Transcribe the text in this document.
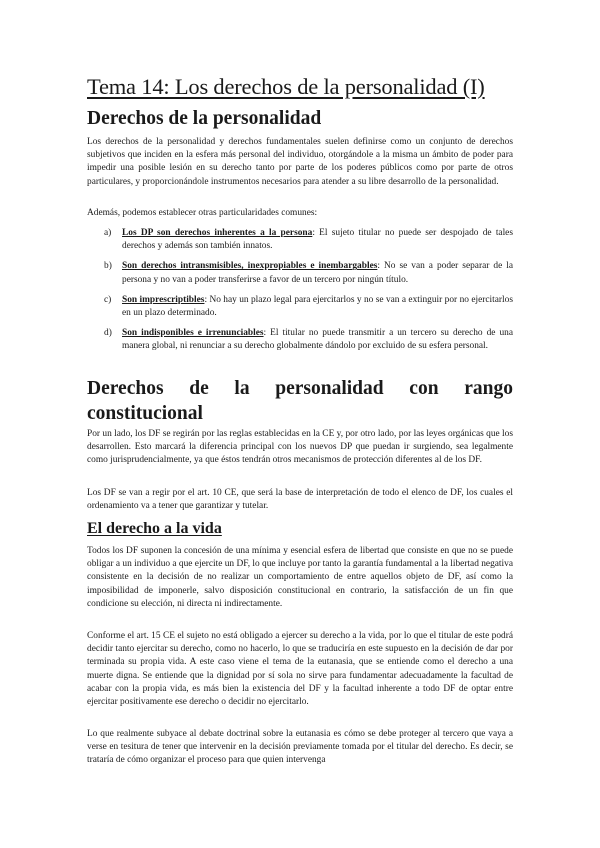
Tema 14: Los derechos de la personalidad (I)
Derechos de la personalidad

Los derechos de la personalidad y derechos fundamentales suelen definirse como un conjunto de derechos subjetivos que inciden en la esfera más personal del individuo, otorgándole a la misma un ámbito de poder para impedir una posible lesión en su derecho tanto por parte de los poderes públicos como por parte de otros particulares, y proporcionándole instrumentos necesarios para atender a su libre desarrollo de la personalidad.

Además, podemos establecer otras particularidades comunes:

a) Los DP son derechos inherentes a la persona: El sujeto titular no puede ser despojado de tales derechos y además son también innatos.
b) Son derechos intransmisibles, inexpropiables e inembargables: No se van a poder separar de la persona y no van a poder transferirse a favor de un tercero por ningún título.
c) Son imprescriptibles: No hay un plazo legal para ejercitarlos y no se van a extinguir por no ejercitarlos en un plazo determinado.
d) Son indisponibles e irrenunciables: El titular no puede transmitir a un tercero su derecho de una manera global, ni renunciar a su derecho globalmente dándolo por excluido de su esfera personal.
Derechos de la personalidad con rango
constitucional

Por un lado, los DF se regirán por las reglas establecidas en la CE y, por otro lado, por las leyes orgánicas que los desarrollen. Esto marcará la diferencia principal con los nuevos DP que puedan ir surgiendo, sea legalmente como jurisprudencialmente, ya que éstos tendrán otros mecanismos de protección diferentes al de los DF.

Los DF se van a regir por el art. 10 CE, que será la base de interpretación de todo el elenco de DF, los cuales el ordenamiento va a tener que garantizar y tutelar.

El derecho a la vida

Todos los DF suponen la concesión de una mínima y esencial esfera de libertad que consiste en que no se puede obligar a un individuo a que ejercite un DF, lo que incluye por tanto la garantía fundamental a la libertad negativa consistente en la decisión de no realizar un comportamiento de entre aquellos objeto de DF, así como la imposibilidad de imponerle, salvo disposición constitucional en contrario, la satisfacción de un fin que condicione su elección, ni directa ni indirectamente.

Conforme el art. 15 CE el sujeto no está obligado a ejercer su derecho a la vida, por lo que el titular de este podrá decidir tanto ejercitar su derecho, como no hacerlo, lo que se traduciría en este supuesto en la decisión de dar por terminada su propia vida. A este caso viene el tema de la eutanasia, que se entiende como el derecho a una muerte digna. Se entiende que la dignidad por sí sola no sirve para fundamentar adecuadamente la facultad de acabar con la propia vida, es más bien la existencia del DF y la facultad inherente a todo DF de optar entre ejercitar positivamente ese derecho o decidir no ejercitarlo.

Lo que realmente subyace al debate doctrinal sobre la eutanasia es cómo se debe proteger al tercero que vaya a verse en tesitura de tener que intervenir en la decisión previamente tomada por el titular del derecho. Es decir, se trataría de cómo organizar el proceso para que quien intervenga
